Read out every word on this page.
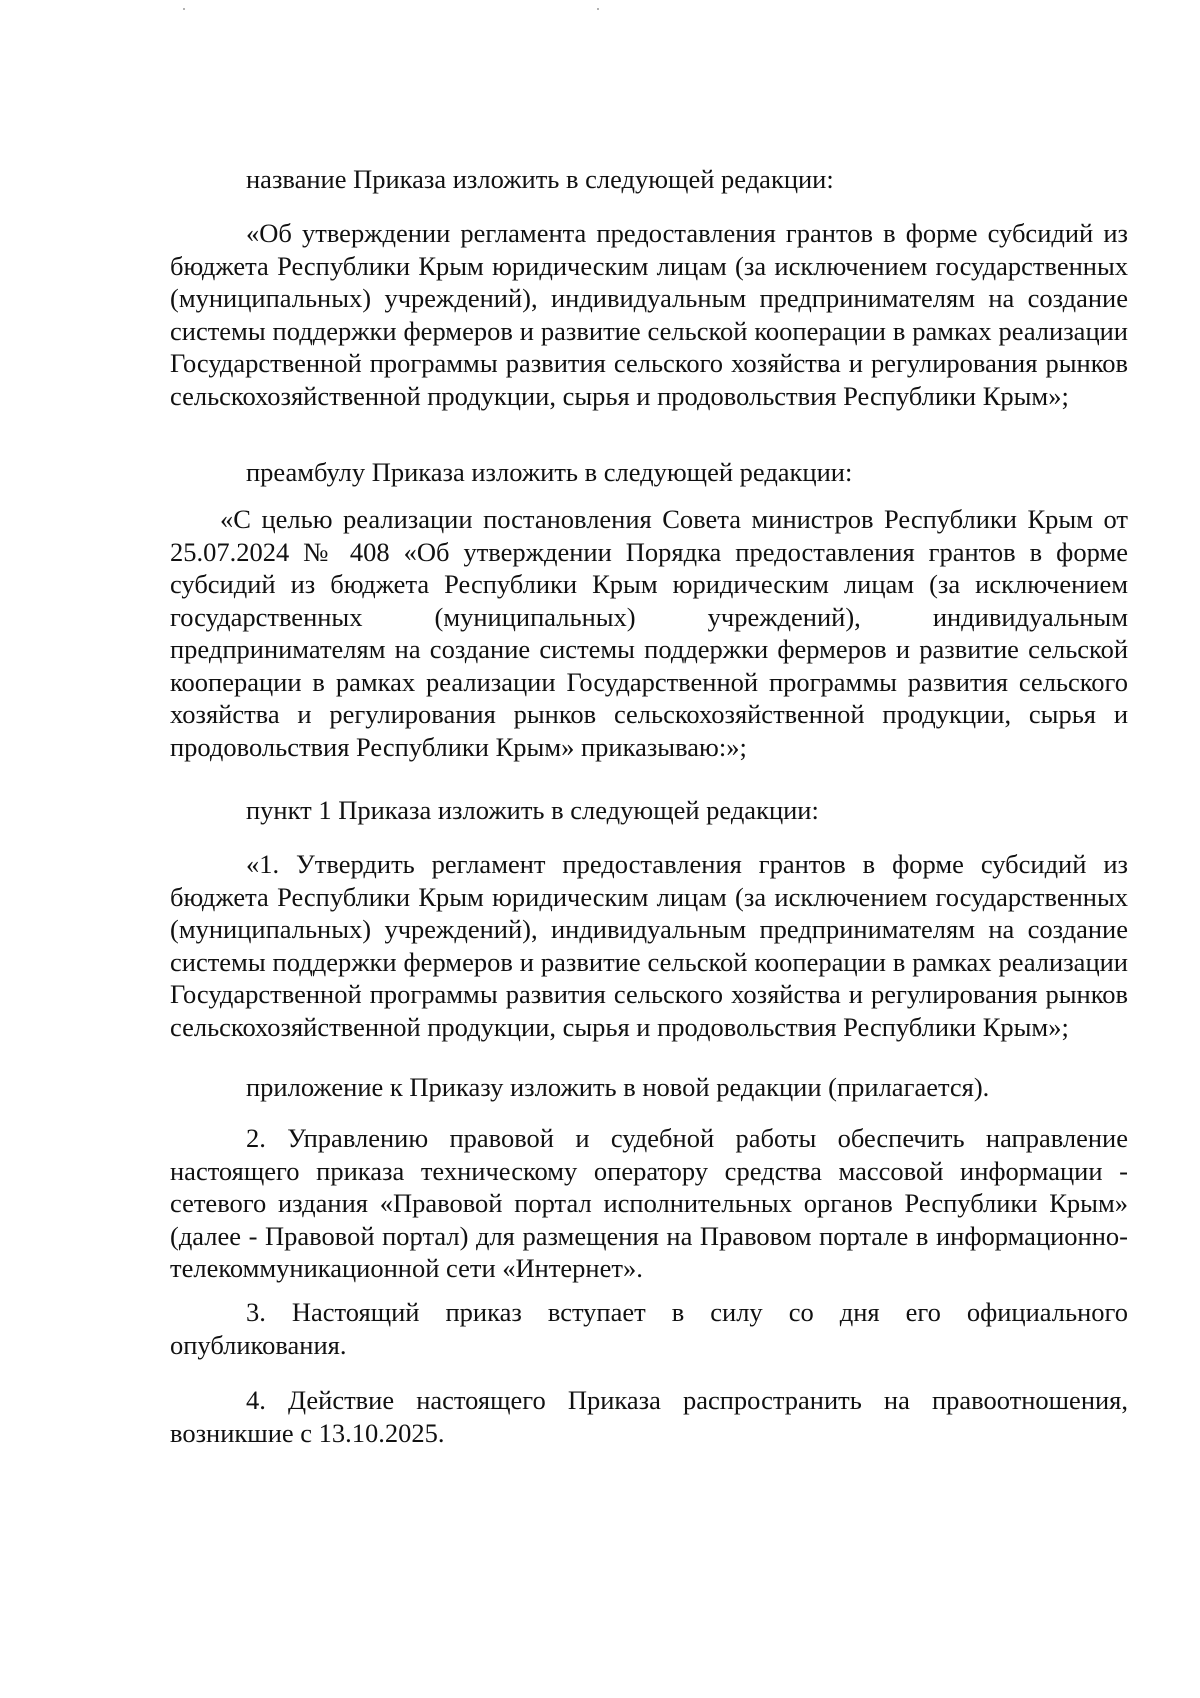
название Приказа изложить в следующей редакции:

«Об утверждении регламента предоставления грантов в форме субсидий из бюджета Республики Крым юридическим лицам (за исключением государственных (муниципальных) учреждений), индивидуальным предпринимателям на создание системы поддержки фермеров и развитие сельской кооперации в рамках реализации Государственной программы развития сельского хозяйства и регулирования рынков сельскохозяйственной продукции, сырья и продовольствия Республики Крым»;

преамбулу Приказа изложить в следующей редакции:

«С целью реализации постановления Совета министров Республики Крым от 25.07.2024 № 408 «Об утверждении Порядка предоставления грантов в форме субсидий из бюджета Республики Крым юридическим лицам (за исключением государственных (муниципальных) учреждений), индивидуальным предпринимателям на создание системы поддержки фермеров и развитие сельской кооперации в рамках реализации Государственной программы развития сельского хозяйства и регулирования рынков сельскохозяйственной продукции, сырья и продовольствия Республики Крым» приказываю:»;

пункт 1 Приказа изложить в следующей редакции:

«1. Утвердить регламент предоставления грантов в форме субсидий из бюджета Республики Крым юридическим лицам (за исключением государственных (муниципальных) учреждений), индивидуальным предпринимателям на создание системы поддержки фермеров и развитие сельской кооперации в рамках реализации Государственной программы развития сельского хозяйства и регулирования рынков сельскохозяйственной продукции, сырья и продовольствия Республики Крым»;

приложение к Приказу изложить в новой редакции (прилагается).

2. Управлению правовой и судебной работы обеспечить направление настоящего приказа техническому оператору средства массовой информации - сетевого издания «Правовой портал исполнительных органов Республики Крым» (далее - Правовой портал) для размещения на Правовом портале в информационно-телекоммуникационной сети «Интернет».

3. Настоящий приказ вступает в силу со дня его официального опубликования.

4. Действие настоящего Приказа распространить на правоотношения, возникшие с 13.10.2025.
